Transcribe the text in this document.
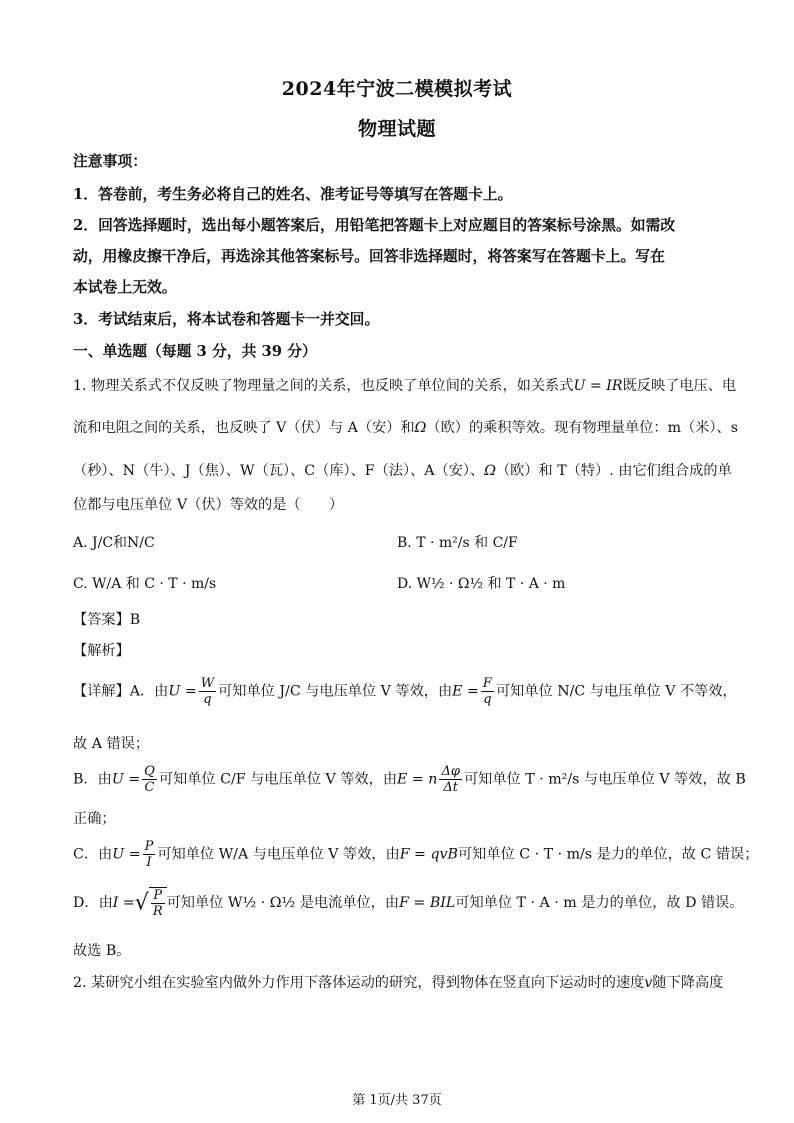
2024年宁波二模模拟考试
物理试题
注意事项：
1．答卷前，考生务必将自己的姓名、准考证号等填写在答题卡上。
2．回答选择题时，选出每小题答案后，用铅笔把答题卡上对应题目的答案标号涂黑。如需改
动，用橡皮擦干净后，再选涂其他答案标号。回答非选择题时，将答案写在答题卡上。写在
本试卷上无效。
3．考试结束后，将本试卷和答题卡一并交回。
一、单选题（每题 3 分，共 39 分）
1. 物理关系式不仅反映了物理量之间的关系，也反映了单位间的关系，如关系式U = IR既反映了电压、电
流和电阻之间的关系，也反映了 V（伏）与 A（安）和Ω（欧）的乘积等效。现有物理量单位：m（米）、s
（秒）、N（牛）、J（焦）、W（瓦）、C（库）、F（法）、A（安）、Ω（欧）和 T（特）. 由它们组合成的单
位都与电压单位 V（伏）等效的是（　　）
A. J/C和N/C	B. T · m²/s 和 C/F
C. W/A 和 C · T · m/s	D. W½ · Ω½ 和 T · A · m
【答案】B
【解析】
【详解】A．由$U = \frac{W}{q}$ 可知单位 J/C 与电压单位 V 等效，由$E = \frac{F}{q}$ 可知单位 N/C 与电压单位 V 不等效，
故 A 错误；
B．由$U = \frac{Q}{C}$ 可知单位 C/F 与电压单位 V 等效，由E = n $\frac{\Delta\varphi}{\Delta t}$ 可知单位 T · m²/s 与电压单位 V 等效，故 B
正确；
C．由$U = \frac{P}{I}$ 可知单位 W/A 与电压单位 V 等效，由F = qvB可知单位 C · T · m/s 是力的单位，故 C 错误；
D．由I =√ $\frac{P}{R}$ 可知单位 W½ · Ω½ 是电流单位，由F = BIL可知单位 T · A · m 是力的单位，故 D 错误。
故选 B。
2. 某研究小组在实验室内做外力作用下落体运动的研究，得到物体在竖直向下运动时的速度v随下降高度
第 1页/共 37页
